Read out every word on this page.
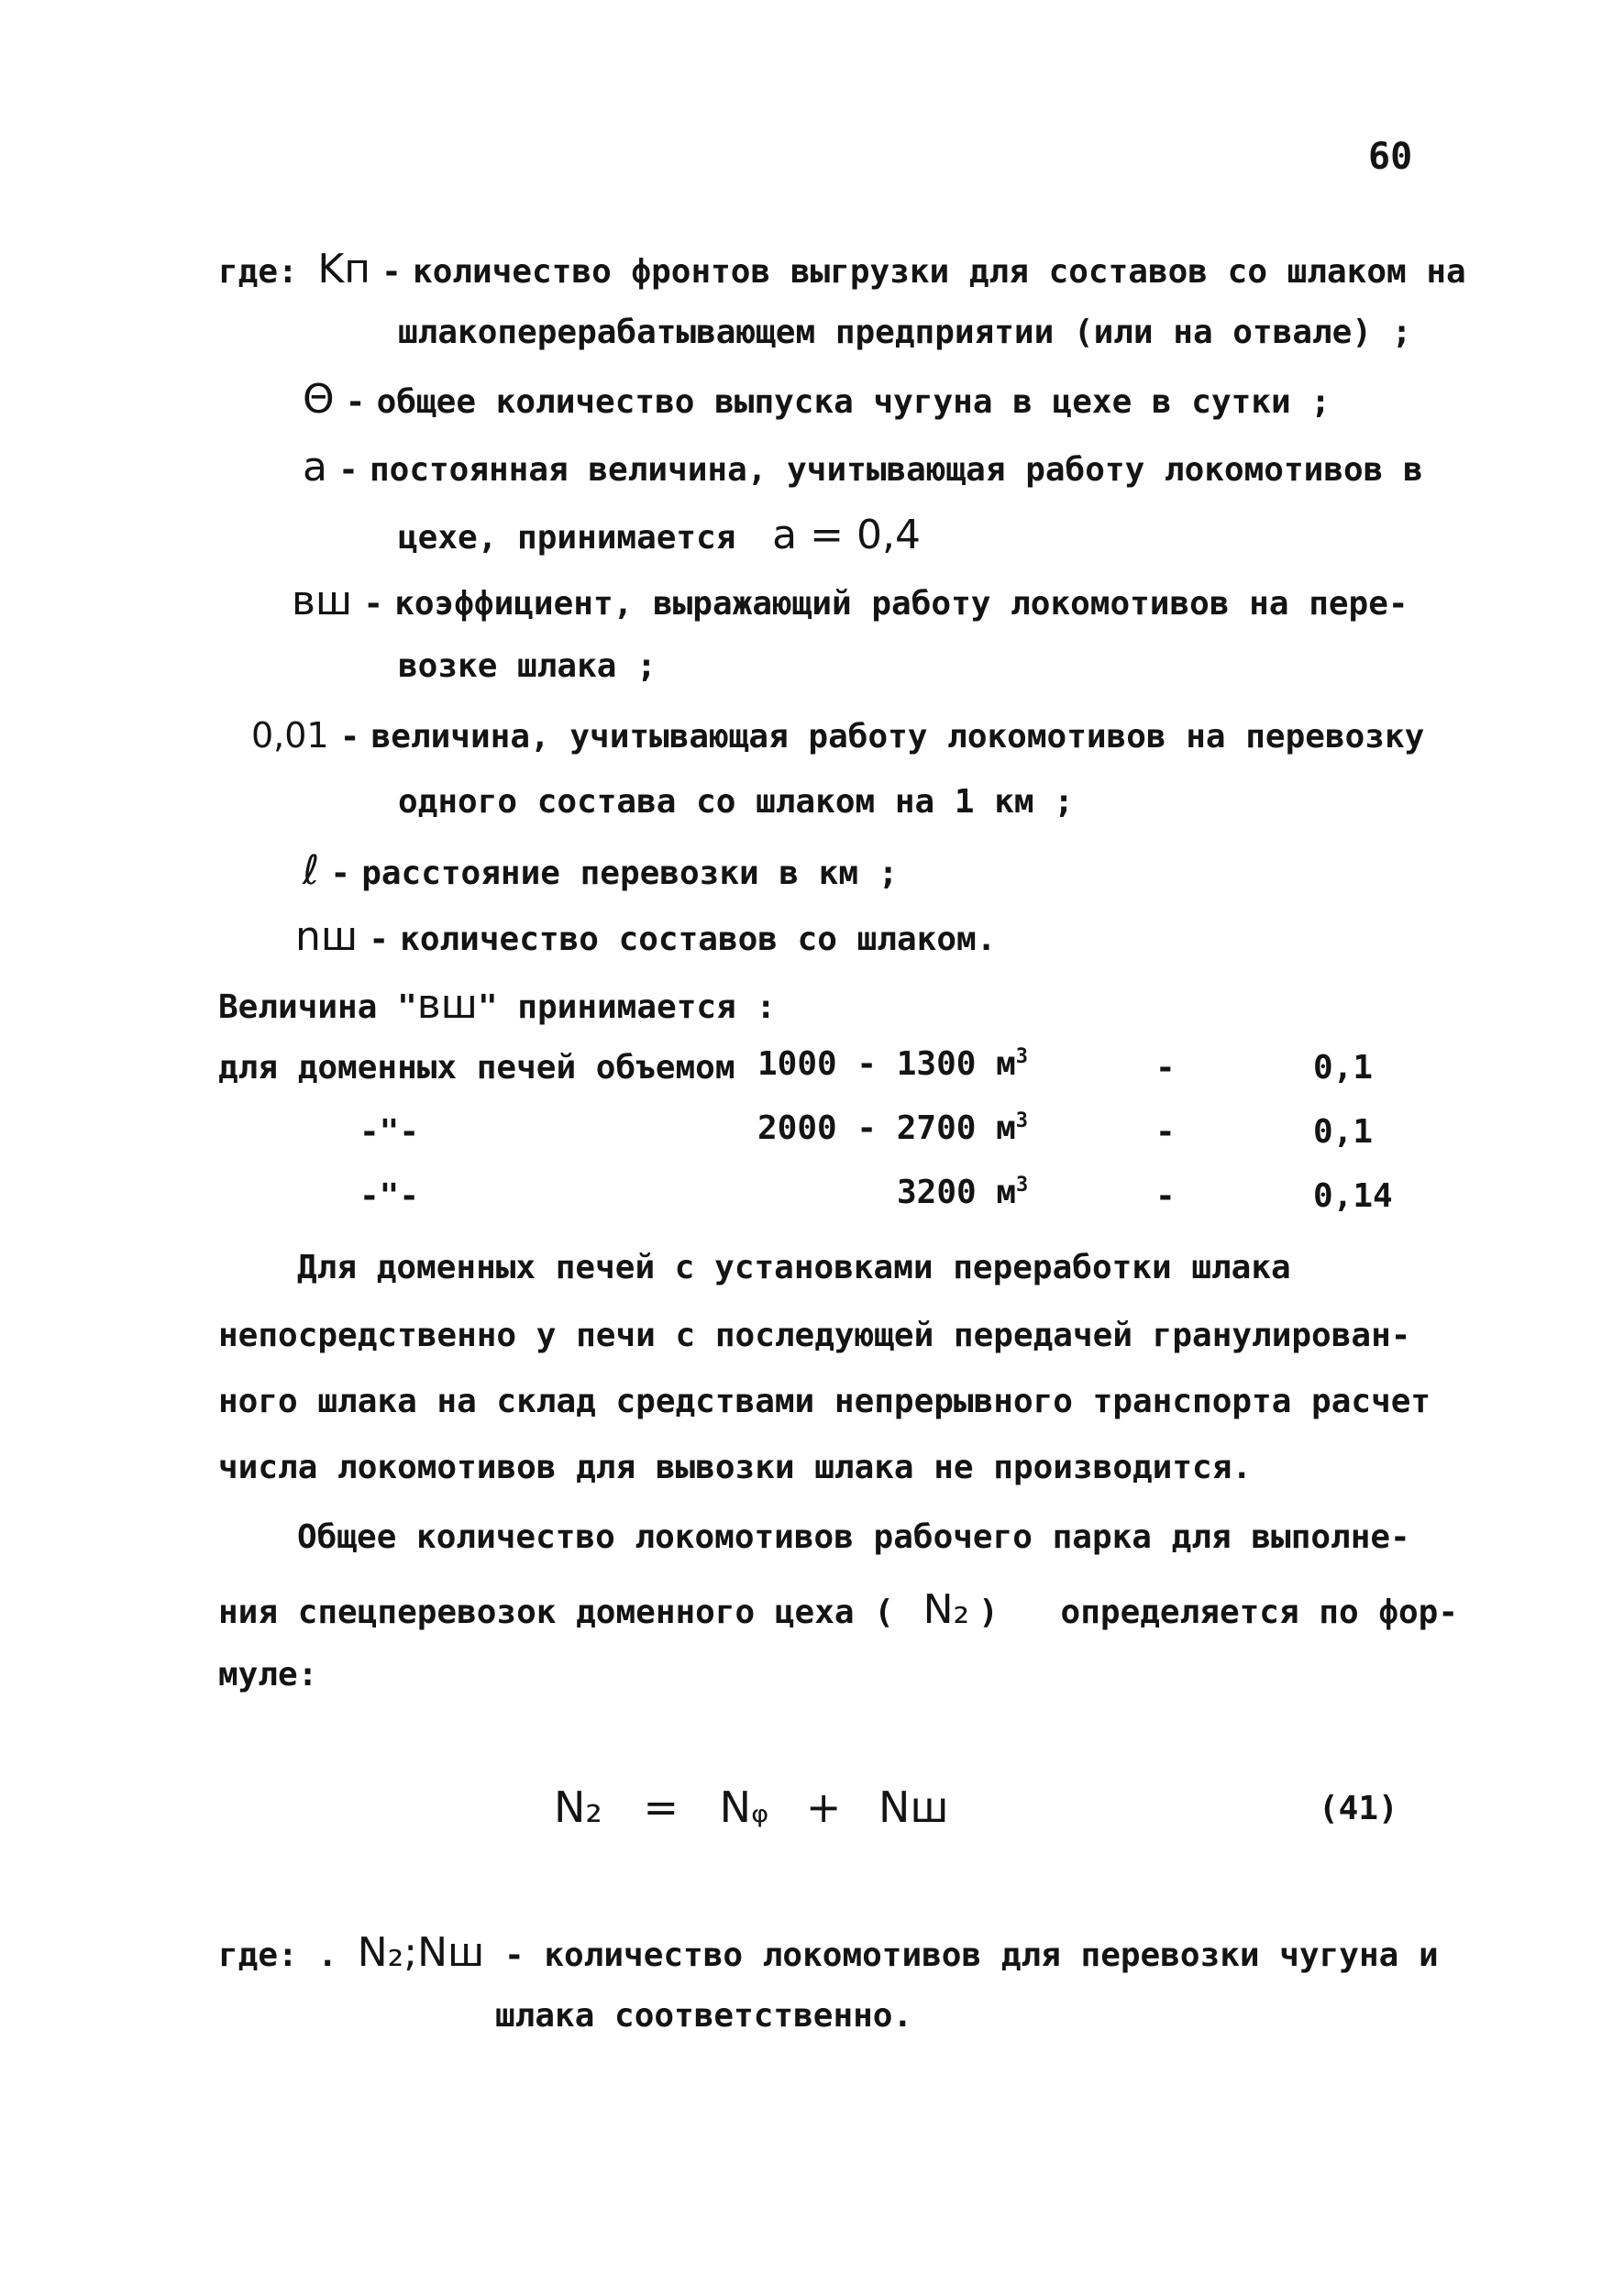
60
где: Kп - количество фронтов выгрузки для составов со шлаком на
шлакоперерабатывающем предприятии (или на отвале) ;
Θ - общее количество выпуска чугуна в цехе в сутки ;
а - постоянная величина, учитывающая работу локомотивов в
цехе, принимается а = 0,4
вш - коэффициент, выражающий работу локомотивов на пере-
возке шлака ;
0,01 - величина, учитывающая работу локомотивов на перевозку
одного состава со шлаком на 1 км ;
ℓ - расстояние перевозки в км ;
nш - количество составов со шлаком.
Величина "вш" принимается :
для доменных печей объемом 1000 - 1300 $м^3$	-	0,1
-"-	2000 - 2700 $м^3$	-	0,1
-"-	3200 $м^3$	-	0,14
Для доменных печей с установками переработки шлака
непосредственно у печи с последующей передачей гранулирован-
ного шлака на склад средствами непрерывного транспорта расчет
числа локомотивов для вывозки шлака не производится.
Общее количество локомотивов рабочего парка для выполне-
ния спецперевозок доменного цеха ( N₂ ) определяется по фор-
муле:
N₂ = Nᵩ + Nш	(41)
где: . N₂;Nш - количество локомотивов для перевозки чугуна и
шлака соответственно.
